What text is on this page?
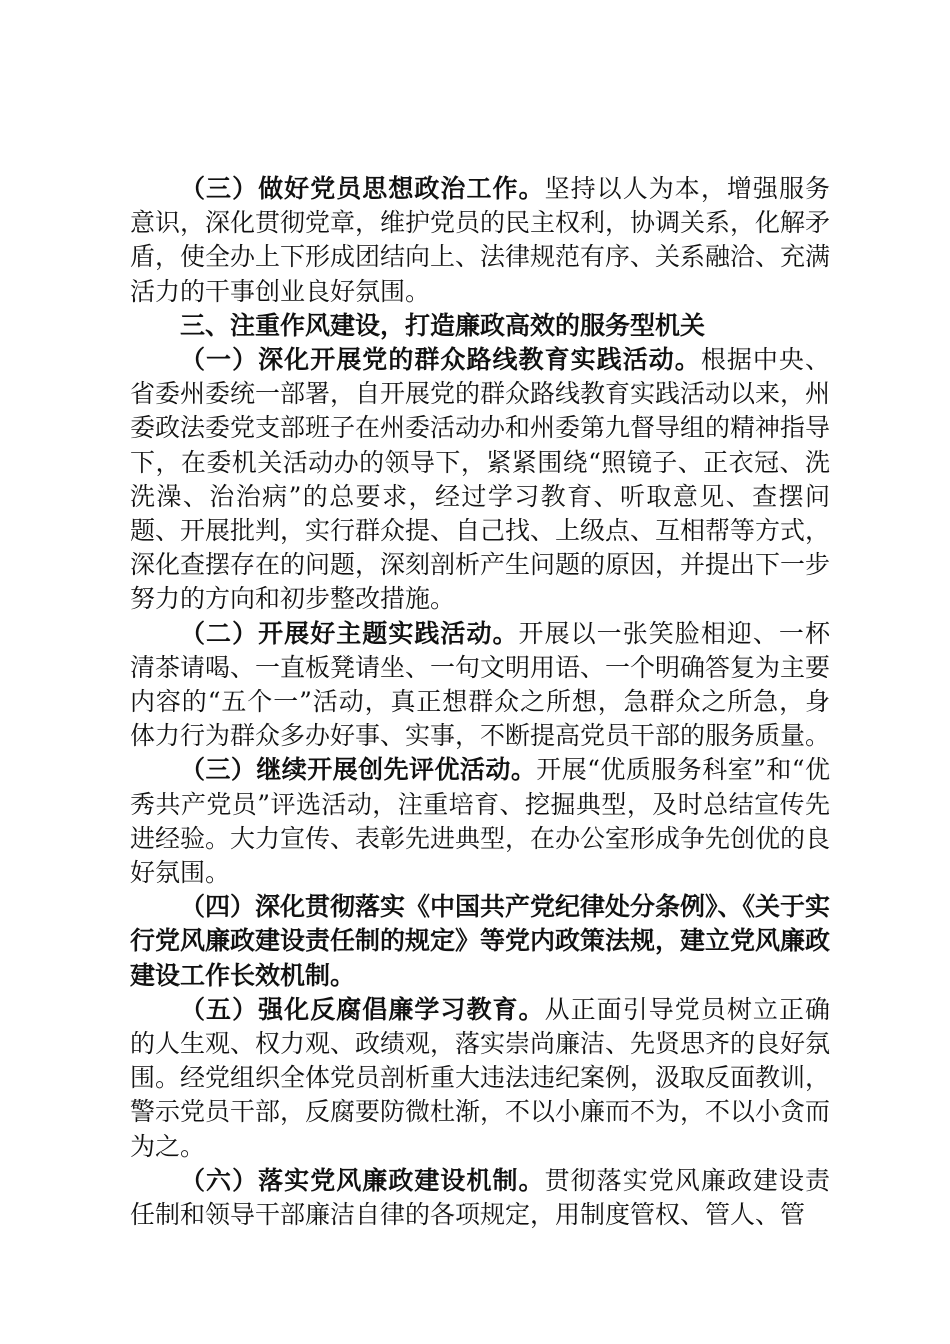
（三）做好党员思想政治工作。坚持以人为本，增强服务意识，深化贯彻党章，维护党员的民主权利，协调关系，化解矛盾，使全办上下形成团结向上、法律规范有序、关系融洽、充满活力的干事创业良好氛围。

三、注重作风建设，打造廉政高效的服务型机关

（一）深化开展党的群众路线教育实践活动。根据中央、省委州委统一部署，自开展党的群众路线教育实践活动以来，州委政法委党支部班子在州委活动办和州委第九督导组的精神指导下，在委机关活动办的领导下，紧紧围绕“照镜子、正衣冠、洗洗澡、治治病”的总要求，经过学习教育、听取意见、查摆问题、开展批判，实行群众提、自己找、上级点、互相帮等方式，深化查摆存在的问题，深刻剖析产生问题的原因，并提出下一步努力的方向和初步整改措施。

（二）开展好主题实践活动。开展以一张笑脸相迎、一杯清茶请喝、一直板凳请坐、一句文明用语、一个明确答复为主要内容的“五个一”活动，真正想群众之所想，急群众之所急，身体力行为群众多办好事、实事，不断提高党员干部的服务质量。

（三）继续开展创先评优活动。开展“优质服务科室”和“优秀共产党员”评选活动，注重培育、挖掘典型，及时总结宣传先进经验。大力宣传、表彰先进典型，在办公室形成争先创优的良好氛围。

（四）深化贯彻落实《中国共产党纪律处分条例》、《关于实行党风廉政建设责任制的规定》等党内政策法规，建立党风廉政建设工作长效机制。

（五）强化反腐倡廉学习教育。从正面引导党员树立正确的人生观、权力观、政绩观，落实崇尚廉洁、先贤思齐的良好氛围。经党组织全体党员剖析重大违法违纪案例，汲取反面教训，警示党员干部，反腐要防微杜渐，不以小廉而不为，不以小贪而为之。

（六）落实党风廉政建设机制。贯彻落实党风廉政建设责任制和领导干部廉洁自律的各项规定，用制度管权、管人、管
